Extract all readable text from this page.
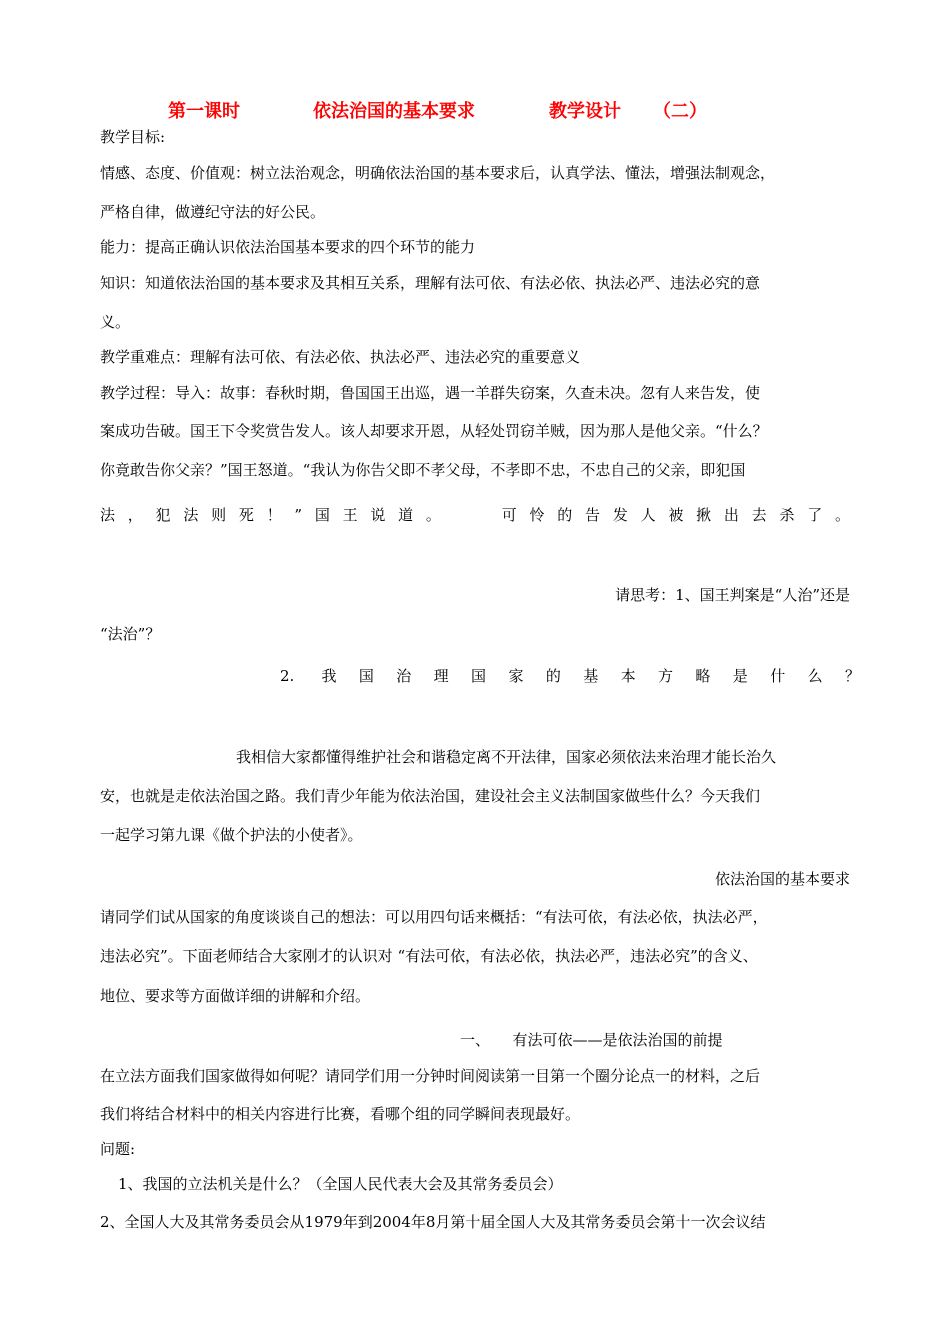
第一课时	依法治国的基本要求	教学设计 （二）
教学目标:
情感、态度、价值观：树立法治观念，明确依法治国的基本要求后，认真学法、懂法，增强法制观念，
严格自律，做遵纪守法的好公民。
能力：提高正确认识依法治国基本要求的四个环节的能力
知识：知道依法治国的基本要求及其相互关系，理解有法可依、有法必依、执法必严、违法必究的意
义。
教学重难点：理解有法可依、有法必依、执法必严、违法必究的重要意义
教学过程：导入：故事：春秋时期，鲁国国王出巡，遇一羊群失窃案，久查未决。忽有人来告发，使
案成功告破。国王下令奖赏告发人。该人却要求开恩，从轻处罚窃羊贼，因为那人是他父亲。“什么？
你竟敢告你父亲？”国王怒道。“我认为你告父即不孝父母，不孝即不忠，不忠自己的父亲，即犯国
法，犯法则死！”国王说道。　　可怜的告发人被揪出去杀了。
请思考：1、国王判案是“人治”还是
“法治”？
2. 我国治理国家的基本方略是什么？
我相信大家都懂得维护社会和谐稳定离不开法律，国家必须依法来治理才能长治久
安，也就是走依法治国之路。我们青少年能为依法治国，建设社会主义法制国家做些什么？今天我们
一起学习第九课《做个护法的小使者》。
依法治国的基本要求
请同学们试从国家的角度谈谈自己的想法：可以用四句话来概括：“有法可依，有法必依，执法必严，
违法必究”。下面老师结合大家刚才的认识对 “有法可依，有法必依，执法必严，违法必究”的含义、
地位、要求等方面做详细的讲解和介绍。
一、　　有法可依——是依法治国的前提
在立法方面我们国家做得如何呢？请同学们用一分钟时间阅读第一目第一个圈分论点一的材料，之后
我们将结合材料中的相关内容进行比赛，看哪个组的同学瞬间表现最好。
问题:
1、我国的立法机关是什么？（全国人民代表大会及其常务委员会）
2、全国人大及其常务委员会从1979年到2004年8月第十届全国人大及其常务委员会第十一次会议结
